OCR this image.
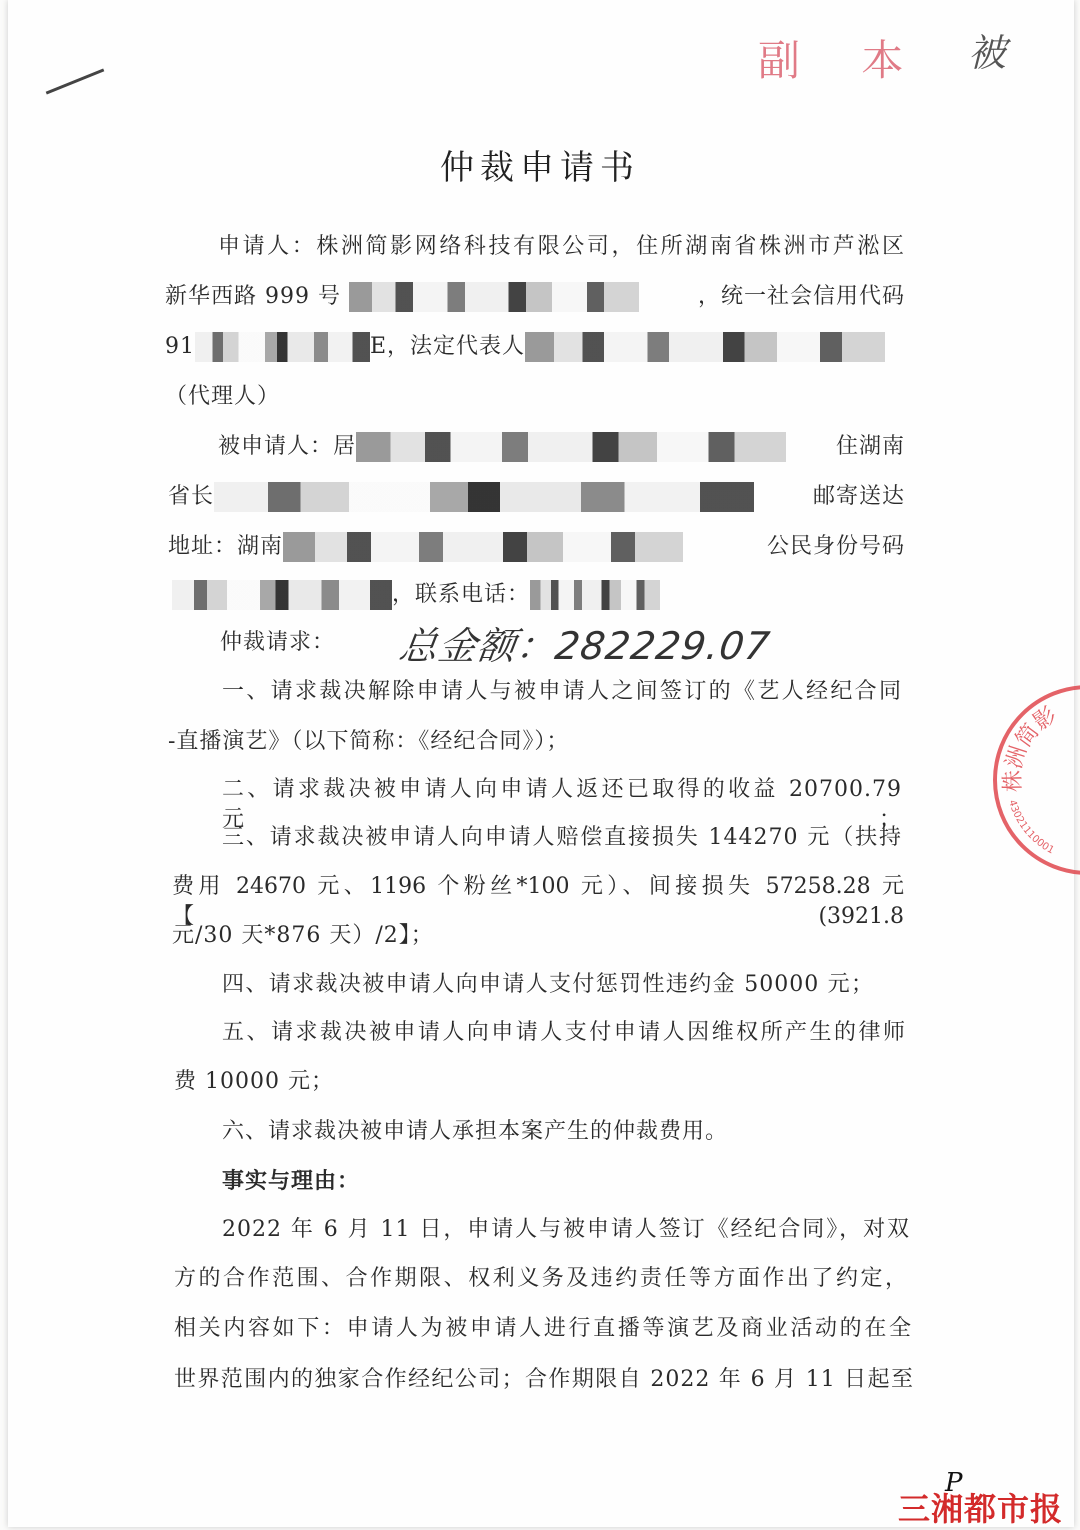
副 本 被
仲裁申请书
申请人：株洲简影网络科技有限公司，住所湖南省株洲市芦淞区
新华西路 999 号	，统一社会信用代码
91	E，法定代表人
（代理人）
被申请人：居	住湖南
省长	邮寄送达
地址：湖南	公民身份号码
，联系电话：
仲裁请求： 总金额：282229.07
一、请求裁决解除申请人与被申请人之间签订的《艺人经纪合同
-直播演艺》（以下简称：《经纪合同》）；
二、请求裁决被申请人向申请人返还已取得的收益 20700.79 元；
三、请求裁决被申请人向申请人赔偿直接损失 144270 元（扶持
费用 24670 元、1196 个粉丝*100 元）、间接损失 57258.28 元【(3921.8
元/30 天*876 天）/2】；
四、请求裁决被申请人向申请人支付惩罚性违约金 50000 元；
五、请求裁决被申请人向申请人支付申请人因维权所产生的律师
费 10000 元；
六、请求裁决被申请人承担本案产生的仲裁费用。
事实与理由：
2022 年 6 月 11 日，申请人与被申请人签订《经纪合同》，对双
方的合作范围、合作期限、权利义务及违约责任等方面作出了约定，
相关内容如下：申请人为被申请人进行直播等演艺及商业活动的在全
世界范围内的独家合作经纪公司；合作期限自 2022 年 6 月 11 日起至
株洲简影
43021110001
P
三湘都市报
